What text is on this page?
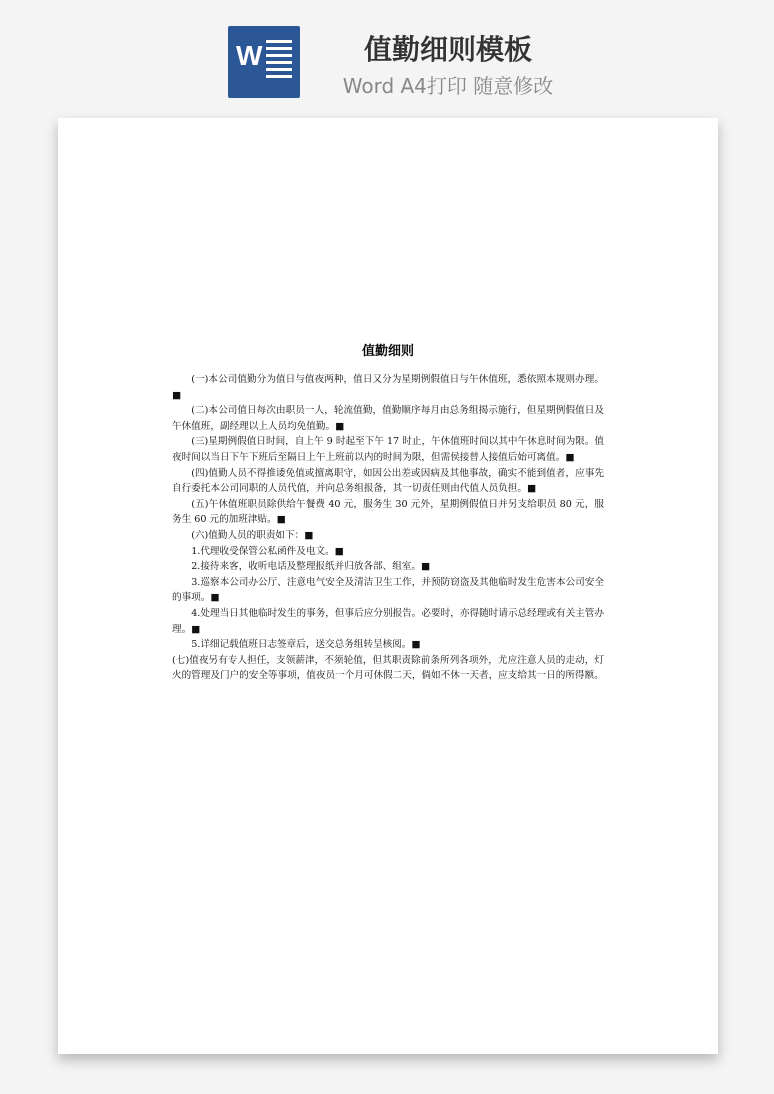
W	值勤细则模板
Word A4打印 随意修改
值勤细则

(一)本公司值勤分为值日与值夜两种，值日又分为星期例假值日与午休值班，悉依照本规则办理。■

(二)本公司值日每次由职员一人，轮流值勤，值勤顺序每月由总务组揭示施行，但星期例假值日及午休值班，副经理以上人员均免值勤。■

(三)星期例假值日时间，自上午 9 时起至下午 17 时止，午休值班时间以其中午休息时间为限。值夜时间以当日下午下班后至隔日上午上班前以内的时间为限，但需侯接替人接值后始可离值。■

(四)值勤人员不得推诿免值或擅离职守，如因公出差或因病及其他事故，确实不能到值者，应事先自行委托本公司同职的人员代值，并向总务组报备，其一切责任则由代值人员负担。■

(五)午休值班职员除供给午餐费 40 元，服务生 30 元外，星期例假值日并另支给职员 80 元，服务生 60 元的加班津贴。■

(六)值勤人员的职责如下：■

1.代理收受保管公私函件及电文。■

2.接待来客，收听电话及整理报纸并归放各部、组室。■

3.巡察本公司办公厅、注意电气安全及清洁卫生工作，并预防窃盗及其他临时发生危害本公司安全的事项。■

4.处理当日其他临时发生的事务，但事后应分别报告。必要时，亦得随时请示总经理或有关主管办理。■

5.详细记载值班日志签章后，送交总务组转呈核阅。■

(七)值夜另有专人担任，支领薪津，不须轮值，但其职责除前条所列各项外，尤应注意人员的走动，灯火的管理及门户的安全等事项，值夜员一个月可休假二天，倘如不休一天者，应支给其一日的所得额。
